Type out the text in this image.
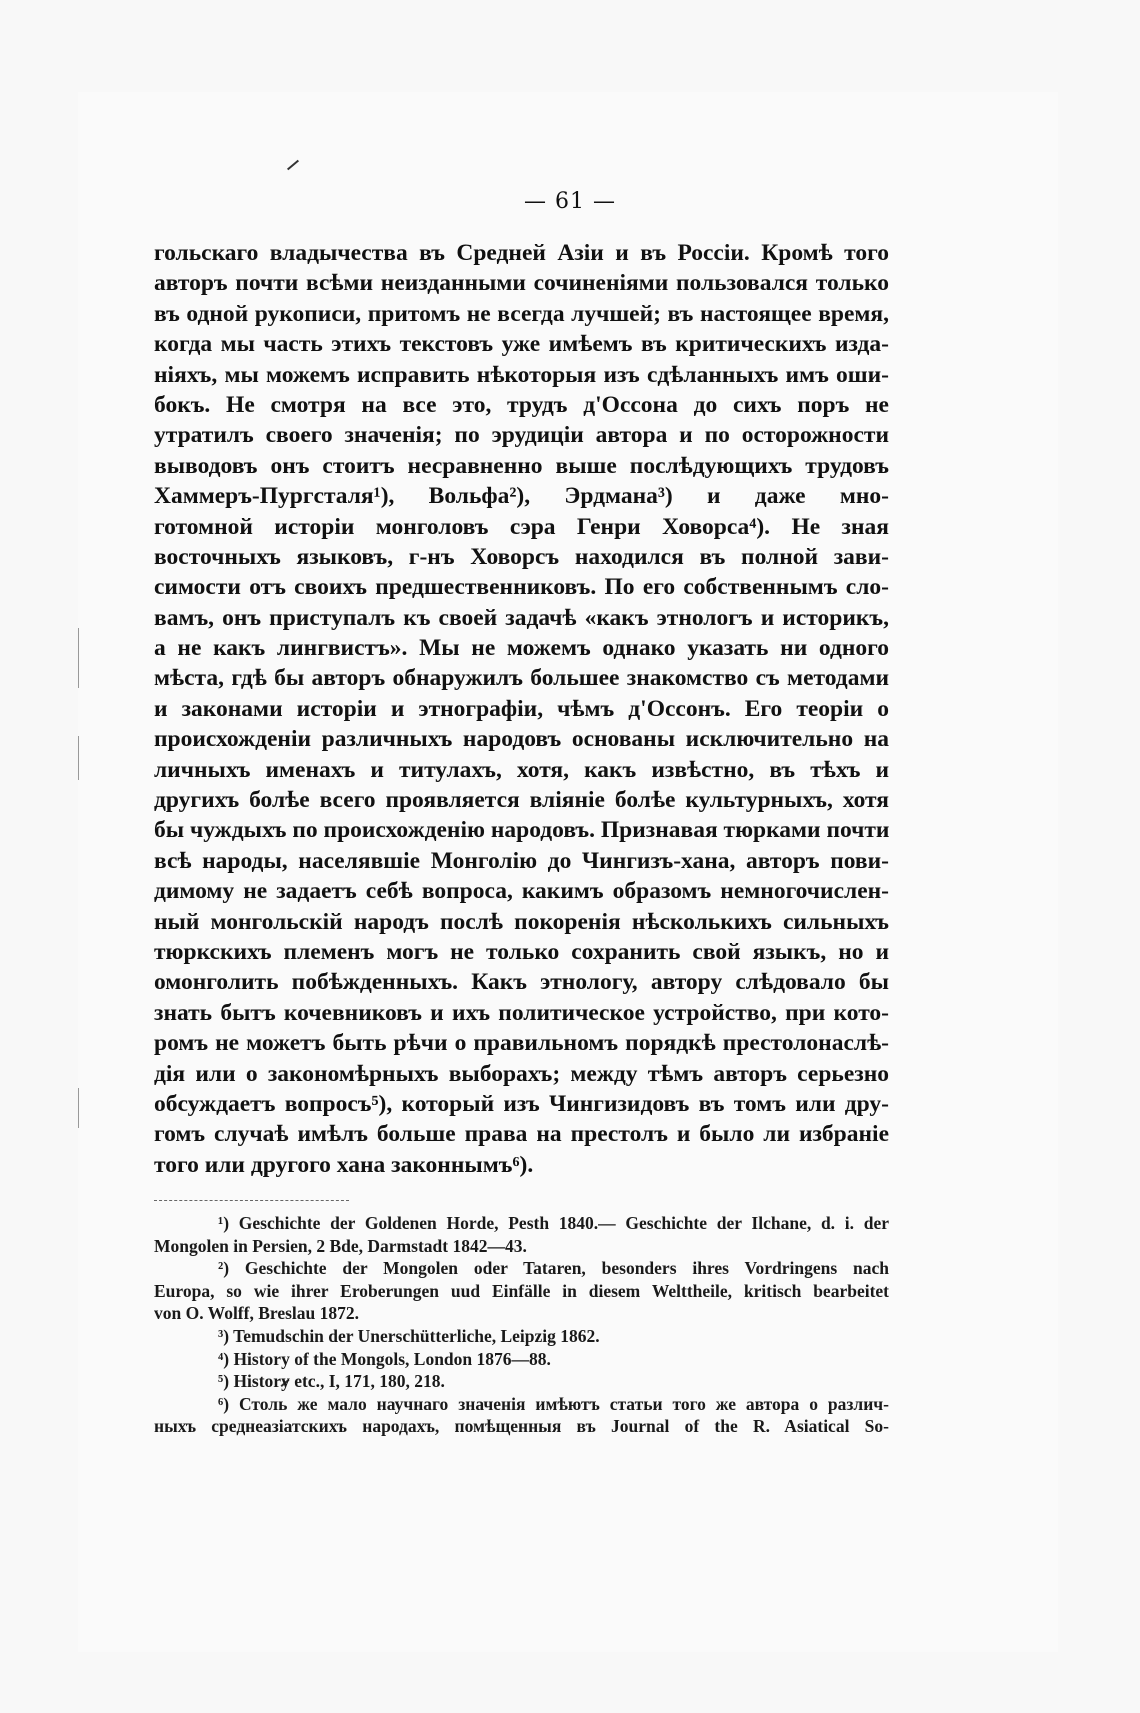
— 61 —
гольскаго владычества въ Средней Азіи и въ Россіи. Кромѣ того
авторъ почти всѣми неизданными сочиненіями пользовался только
въ одной рукописи, притомъ не всегда лучшей; въ настоящее время,
когда мы часть этихъ текстовъ уже имѣемъ въ критическихъ изда-
ніяхъ, мы можемъ исправить нѣкоторыя изъ сдѣланныхъ имъ оши-
бокъ. Не смотря на все это, трудъ д'Оссона до сихъ поръ не
утратилъ своего значенія; по эрудиціи автора и по осторожности
выводовъ онъ стоитъ несравненно выше послѣдующихъ трудовъ
Хаммеръ-Пургсталя¹), Вольфа²), Эрдмана³) и даже мно-
готомной исторіи монголовъ сэра Генри Ховорса⁴). Не зная
восточныхъ языковъ, г-нъ Ховорсъ находился въ полной зави-
симости отъ своихъ предшественниковъ. По его собственнымъ сло-
вамъ, онъ приступалъ къ своей задачѣ «какъ этнологъ и историкъ,
а не какъ лингвистъ». Мы не можемъ однако указать ни одного
мѣста, гдѣ бы авторъ обнаружилъ большее знакомство съ методами
и законами исторіи и этнографіи, чѣмъ д'Оссонъ. Его теоріи о
происхожденіи различныхъ народовъ основаны исключительно на
личныхъ именахъ и титулахъ, хотя, какъ извѣстно, въ тѣхъ и
другихъ болѣе всего проявляется вліяніе болѣе культурныхъ, хотя
бы чуждыхъ по происхожденію народовъ. Признавая тюрками почти
всѣ народы, населявшіе Монголію до Чингизъ-хана, авторъ пови-
димому не задаетъ себѣ вопроса, какимъ образомъ немногочислен-
ный монгольскій народъ послѣ покоренія нѣсколькихъ сильныхъ
тюркскихъ племенъ могъ не только сохранить свой языкъ, но и
омонголить побѣжденныхъ. Какъ этнологу, автору слѣдовало бы
знать бытъ кочевниковъ и ихъ политическое устройство, при кото-
ромъ не можетъ быть рѣчи о правильномъ порядкѣ престолонаслѣ-
дія или о закономѣрныхъ выборахъ; между тѣмъ авторъ серьезно
обсуждаетъ вопросъ⁵), который изъ Чингизидовъ въ томъ или дру-
гомъ случаѣ имѣлъ больше права на престолъ и было ли избраніе
того или другого хана законнымъ⁶).
¹) Geschichte der Goldenen Horde, Pesth 1840.— Geschichte der Ilchane, d. i. der
Mongolen in Persien, 2 Bde, Darmstadt 1842—43.
²) Geschichte der Mongolen oder Tataren, besonders ihres Vordringens nach
Europa, so wie ihrer Eroberungen uud Einfälle in diesem Welttheile, kritisch bearbeitet
von O. Wolff, Breslau 1872.
³) Temudschin der Unerschütterliche, Leipzig 1862.
⁴) History of the Mongols, London 1876—88.
⁵) History etc., I, 171, 180, 218.
⁶) Столь же мало научнаго значенія имѣютъ статьи того же автора о различ-
ныхъ среднеазіатскихъ народахъ, помѣщенныя въ Journal of the R. Asiatical So-
